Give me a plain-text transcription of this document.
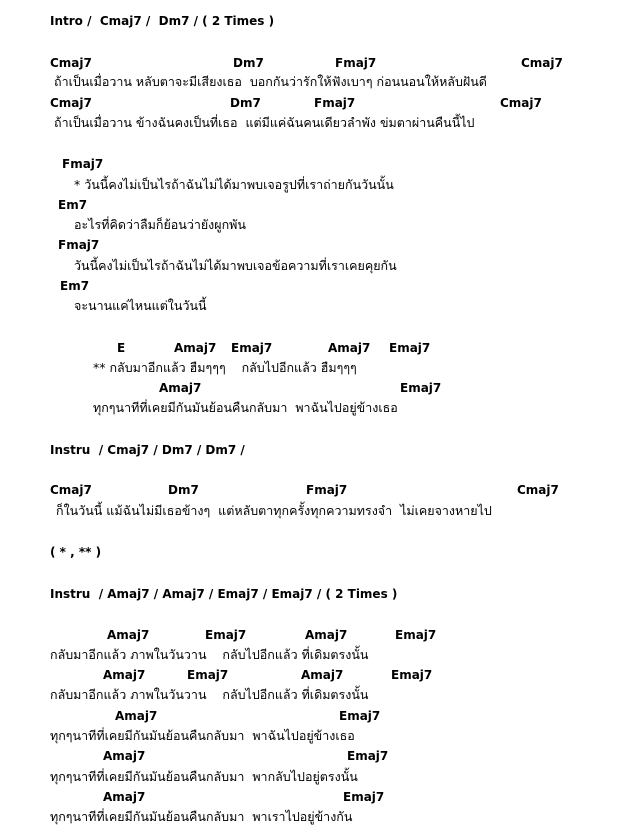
Intro /  Cmaj7 /  Dm7 / ( 2 Times )
Cmaj7	Dm7	Fmaj7	Cmaj7
ถ้าเป็นเมื่อวาน หลับตาจะมีเสียงเธอ  บอกกันว่ารักให้ฟังเบาๆ ก่อนนอนให้หลับฝันดี
Cmaj7	Dm7	Fmaj7	Cmaj7
ถ้าเป็นเมื่อวาน ข้างฉันคงเป็นที่เธอ  แต่มีแค่ฉันคนเดียวลำพัง ข่มตาผ่านคืนนี้ไป
Fmaj7
* วันนี้คงไม่เป็นไรถ้าฉันไม่ได้มาพบเจอรูปที่เราถ่ายกันวันนั้น
Em7
อะไรที่คิดว่าลืมก็ย้อนว่ายังผูกพัน
Fmaj7
วันนี้คงไม่เป็นไรถ้าฉันไม่ได้มาพบเจอข้อความที่เราเคยคุยกัน
Em7
จะนานแค่ไหนแต่ในวันนี้
E	Amaj7 Emaj7	Amaj7 Emaj7
** กลับมาอีกแล้ว ฮืมๆๆๆ    กลับไปอีกแล้ว ฮืมๆๆๆ
Amaj7	Emaj7
ทุกๆนาทีที่เคยมีกันมันย้อนคืนกลับมา  พาฉันไปอยู่ข้างเธอ
Instru  / Cmaj7 / Dm7 / Dm7 /
Cmaj7	Dm7	Fmaj7	Cmaj7
ก็ในวันนี้ แม้ฉันไม่มีเธอข้างๆ  แต่หลับตาทุกครั้งทุกความทรงจำ  ไม่เคยจางหายไป
( * , ** )
Instru  / Amaj7 / Amaj7 / Emaj7 / Emaj7 / ( 2 Times )
Amaj7	Emaj7	Amaj7	Emaj7
กลับมาอีกแล้ว ภาพในวันวาน    กลับไปอีกแล้ว ที่เดิมตรงนั้น
Amaj7	Emaj7	Amaj7	Emaj7
กลับมาอีกแล้ว ภาพในวันวาน    กลับไปอีกแล้ว ที่เดิมตรงนั้น
Amaj7	Emaj7
ทุกๆนาทีที่เคยมีกันมันย้อนคืนกลับมา  พาฉันไปอยู่ข้างเธอ
Amaj7	Emaj7
ทุกๆนาทีที่เคยมีกันมันย้อนคืนกลับมา  พากลับไปอยู่ตรงนั้น
Amaj7	Emaj7
ทุกๆนาทีที่เคยมีกันมันย้อนคืนกลับมา  พาเราไปอยู่ข้างกัน
